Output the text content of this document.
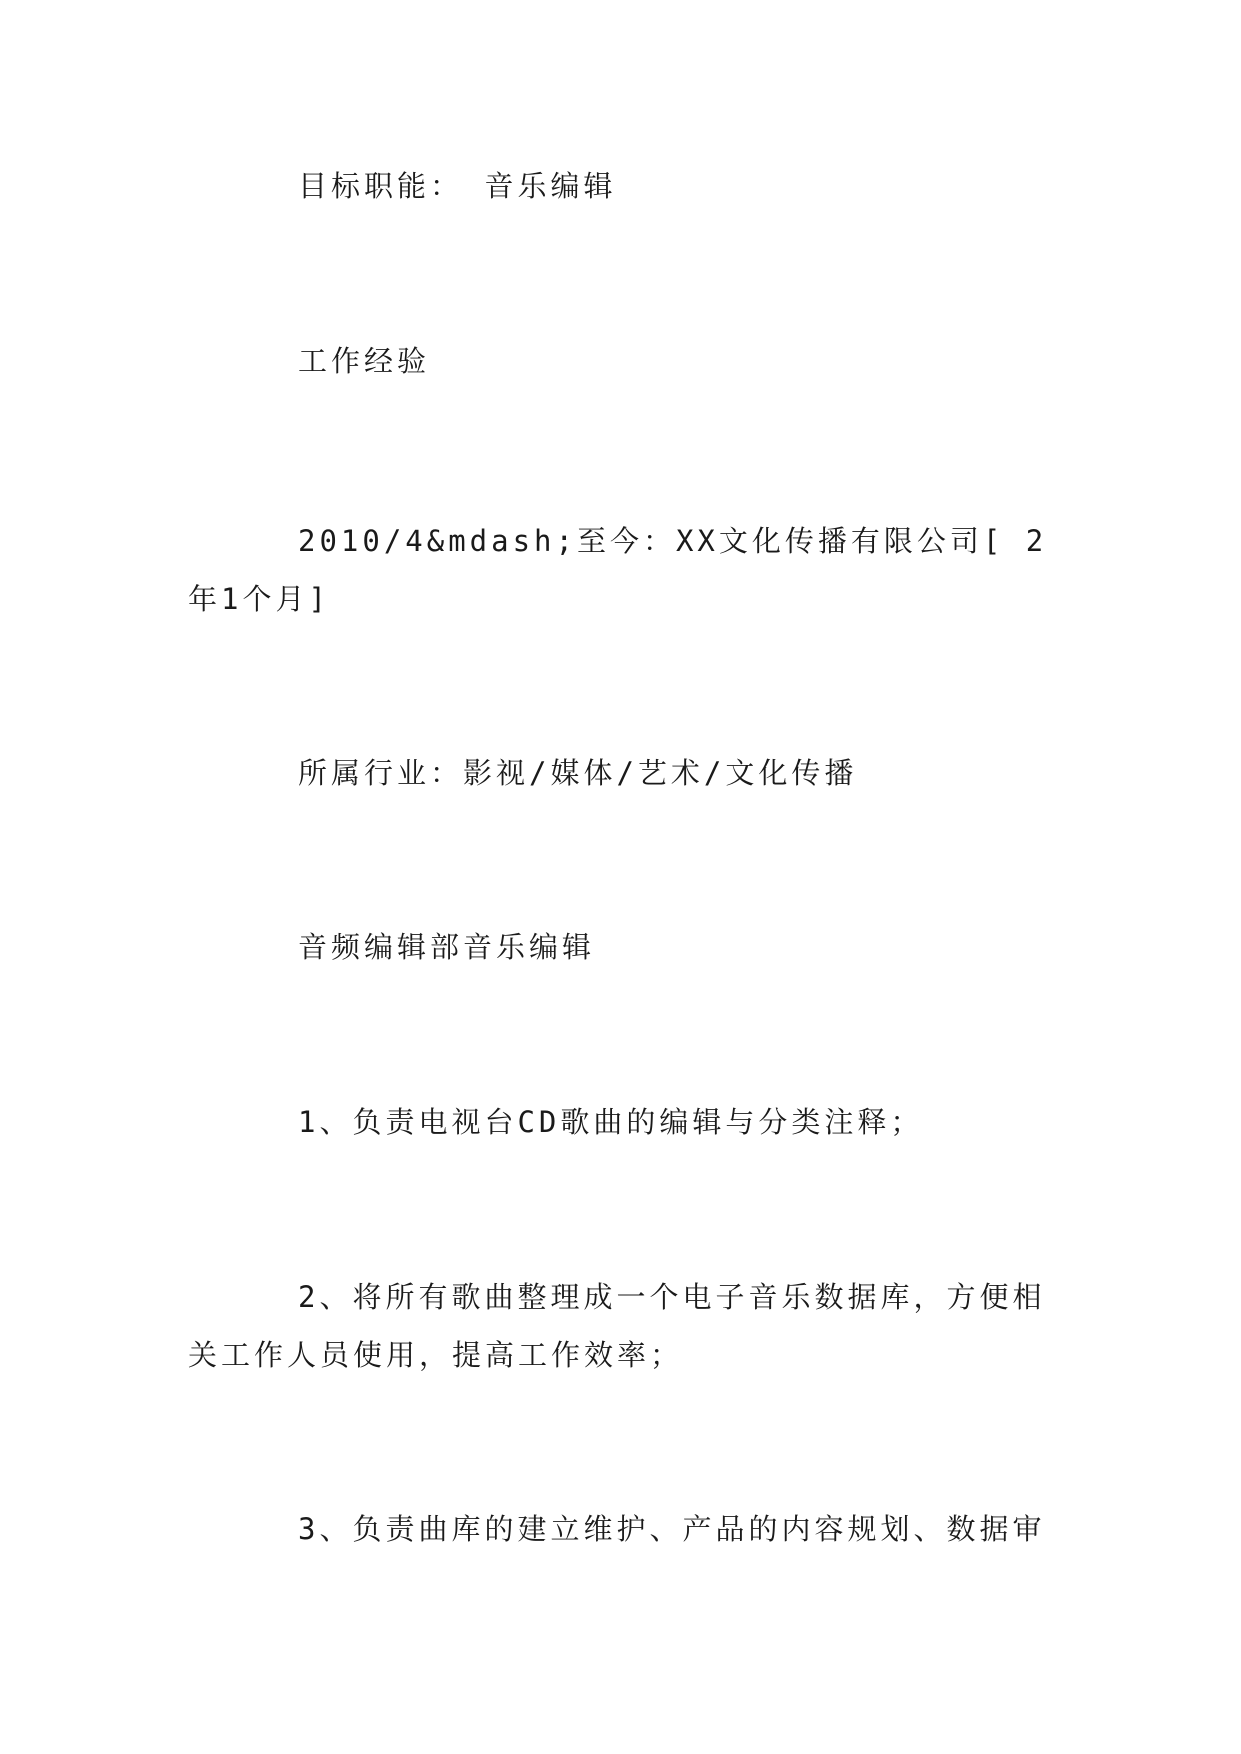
目标职能： 音乐编辑
工作经验
2010/4&mdash;至今：XX文化传播有限公司[ 2年1个月]
所属行业：影视/媒体/艺术/文化传播
音频编辑部音乐编辑
1、负责电视台CD歌曲的编辑与分类注释；
2、将所有歌曲整理成一个电子音乐数据库，方便相关工作人员使用，提高工作效率；
3、负责曲库的建立维护、产品的内容规划、数据审
